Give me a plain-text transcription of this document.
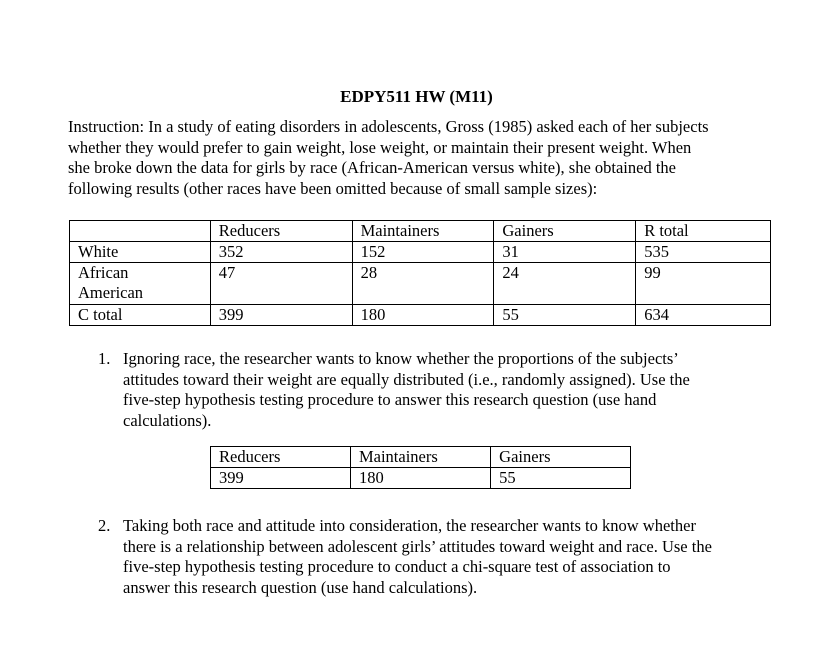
EDPY511 HW (M11)
Instruction: In a study of eating disorders in adolescents, Gross (1985) asked each of her subjects
whether they would prefer to gain weight, lose weight, or maintain their present weight. When
she broke down the data for girls by race (African-American versus white), she obtained the
following results (other races have been omitted because of small sample sizes):
	Reducers	Maintainers	Gainers	R total
White	352	152	31	535
African
American	47	28	24	99
C total	399	180	55	634
1. Ignoring race, the researcher wants to know whether the proportions of the subjects’
attitudes toward their weight are equally distributed (i.e., randomly assigned). Use the
five-step hypothesis testing procedure to answer this research question (use hand
calculations).
Reducers	Maintainers	Gainers
399	180	55
2. Taking both race and attitude into consideration, the researcher wants to know whether
there is a relationship between adolescent girls’ attitudes toward weight and race. Use the
five-step hypothesis testing procedure to conduct a chi-square test of association to
answer this research question (use hand calculations).
